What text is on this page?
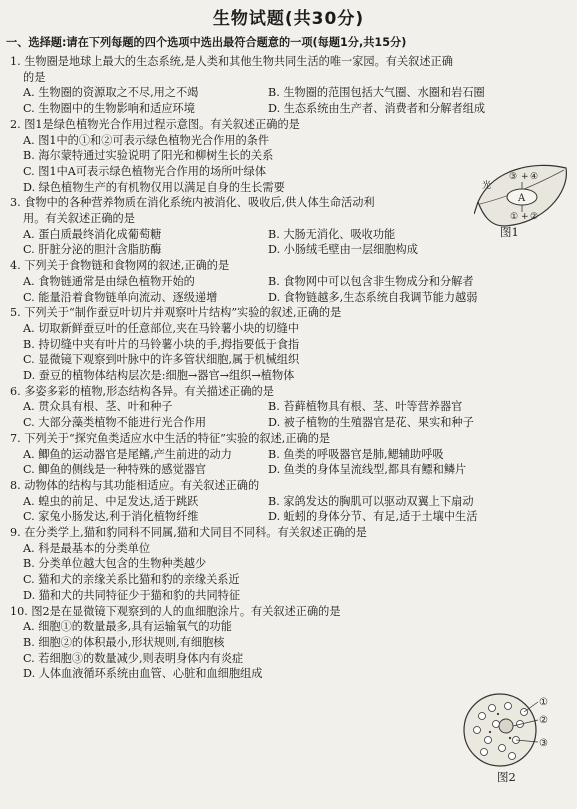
生物试题(共30分)
一、选择题:请在下列每题的四个选项中选出最符合题意的一项(每题1分,共15分)
1. 生物圈是地球上最大的生态系统,是人类和其他生物共同生活的唯一家园。有关叙述正确
的是
A. 生物圈的资源取之不尽,用之不竭	B. 生物圈的范围包括大气圈、水圈和岩石圈
C. 生物圈中的生物影响和适应环境	D. 生态系统由生产者、消费者和分解者组成
2. 图1是绿色植物光合作用过程示意图。有关叙述正确的是
A. 图1中的①和②可表示绿色植物光合作用的条件
B. 海尔蒙特通过实验说明了阳光和柳树生长的关系
C. 图1中A可表示绿色植物光合作用的场所叶绿体
D. 绿色植物生产的有机物仅用以满足自身的生长需要
3. 食物中的各种营养物质在消化系统内被消化、吸收后,供人体生命活动利
用。有关叙述正确的是
A. 蛋白质最终消化成葡萄糖	B. 大肠无消化、吸收功能
C. 肝脏分泌的胆汁含脂肪酶	D. 小肠绒毛壁由一层细胞构成
4. 下列关于食物链和食物网的叙述,正确的是
A. 食物链通常是由绿色植物开始的	B. 食物网中可以包含非生物成分和分解者
C. 能量沿着食物链单向流动、逐级递增	D. 食物链越多,生态系统自我调节能力越弱
5. 下列关于“制作蚕豆叶切片并观察叶片结构”实验的叙述,正确的是
A. 切取新鲜蚕豆叶的任意部位,夹在马铃薯小块的切缝中
B. 持切缝中夹有叶片的马铃薯小块的手,拇指要低于食指
C. 显微镜下观察到叶脉中的许多管状细胞,属于机械组织
D. 蚕豆的植物体结构层次是:细胞→器官→组织→植物体
6. 多姿多彩的植物,形态结构各异。有关描述正确的是
A. 贯众具有根、茎、叶和种子	B. 苔藓植物具有根、茎、叶等营养器官
C. 大部分藻类植物不能进行光合作用	D. 被子植物的生殖器官是花、果实和种子
7. 下列关于“探究鱼类适应水中生活的特征”实验的叙述,正确的是
A. 鲫鱼的运动器官是尾鳍,产生前进的动力	B. 鱼类的呼吸器官是肺,鳃辅助呼吸
C. 鲫鱼的侧线是一种特殊的感觉器官	D. 鱼类的身体呈流线型,都具有鳔和鳞片
8. 动物体的结构与其功能相适应。有关叙述正确的
A. 蝗虫的前足、中足发达,适于跳跃	B. 家鸽发达的胸肌可以驱动双翼上下扇动
C. 家兔小肠发达,利于消化植物纤维	D. 蚯蚓的身体分节、有足,适于土壤中生活
9. 在分类学上,猫和豹同科不同属,猫和犬同目不同科。有关叙述正确的是
A. 科是最基本的分类单位
B. 分类单位越大包含的生物种类越少
C. 猫和犬的亲缘关系比猫和豹的亲缘关系近
D. 猫和犬的共同特征少于猫和豹的共同特征
10. 图2是在显微镜下观察到的人的血细胞涂片。有关叙述正确的是
A. 细胞①的数量最多,具有运输氧气的功能
B. 细胞②的体积最小,形状规则,有细胞核
C. 若细胞③的数量减少,则表明身体内有炎症
D. 人体血液循环系统由血管、心脏和血细胞组成
A
光
③ + ④
① + ②
图1
①
②
③
图2
